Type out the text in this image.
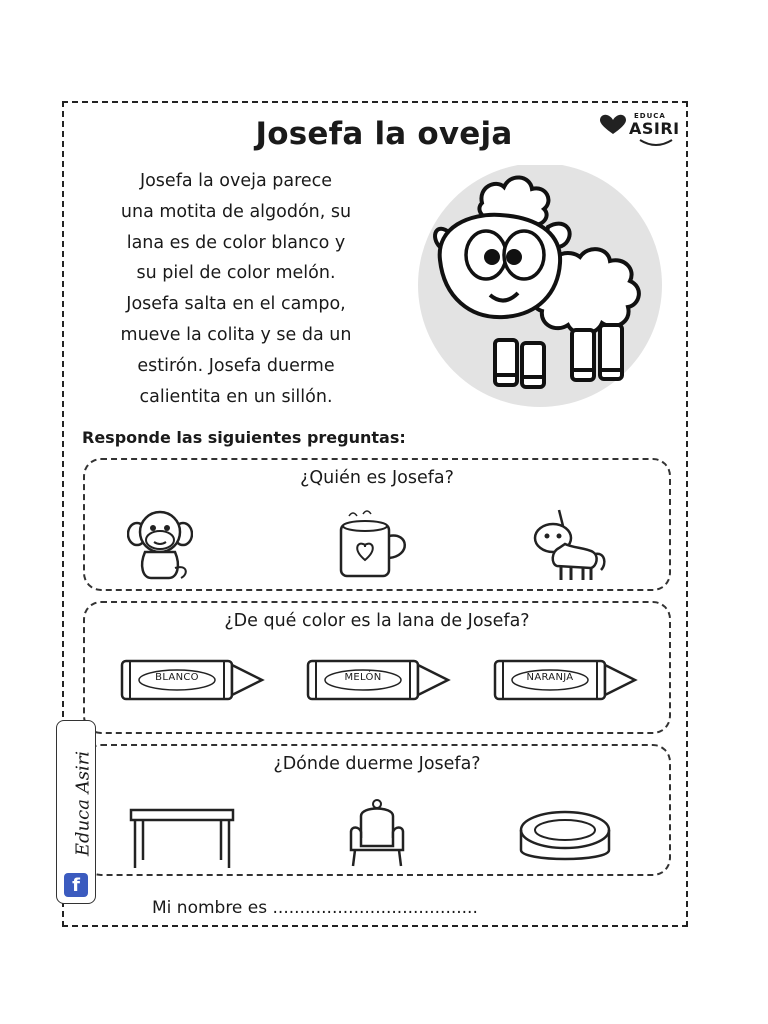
Josefa la oveja	EDUCA
ASIRI
Josefa la oveja parece
una motita de algodón, su
lana es de color blanco y
su piel de color melón.
Josefa salta en el campo,
mueve la colita y se da un
estirón. Josefa duerme
calientita en un sillón.
Responde las siguientes preguntas:
¿Quién es Josefa?
¿De qué color es la lana de Josefa?
BLANCO	MELÓN	NARANJA
¿Dónde duerme Josefa?
Educa Asiri
f
Mi nombre es ......................................
